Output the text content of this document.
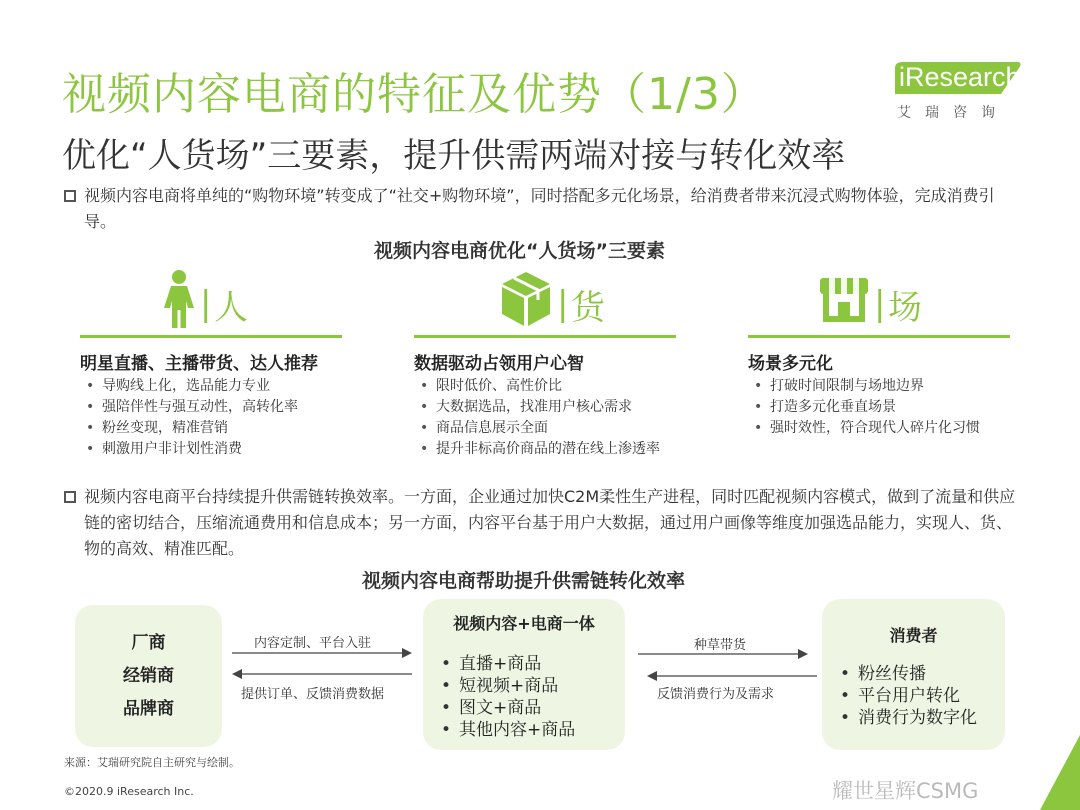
视频内容电商的特征及优势（1/3）
优化“人货场”三要素，提升供需两端对接与转化效率
iResearch
艾瑞咨询
视频内容电商将单纯的“购物环境”转变成了“社交+购物环境”，同时搭配多元化场景，给消费者带来沉浸式购物体验，完成消费引导。
视频内容电商优化“人货场”三要素
| 人
明星直播、主播带货、达人推荐
• 导购线上化，选品能力专业
• 强陪伴性与强互动性，高转化率
• 粉丝变现，精准营销
• 刺激用户非计划性消费
| 货
数据驱动占领用户心智
• 限时低价、高性价比
• 大数据选品，找准用户核心需求
• 商品信息展示全面
• 提升非标高价商品的潜在线上渗透率
| 场
场景多元化
• 打破时间限制与场地边界
• 打造多元化垂直场景
• 强时效性，符合现代人碎片化习惯
视频内容电商平台持续提升供需链转换效率。一方面，企业通过加快C2M柔性生产进程，同时匹配视频内容模式，做到了流量和供应链的密切结合，压缩流通费用和信息成本；另一方面，内容平台基于用户大数据，通过用户画像等维度加强选品能力，实现人、货、物的高效、精准匹配。
视频内容电商帮助提升供需链转化效率
厂商
经销商
品牌商
内容定制、平台入驻
提供订单、反馈消费数据
视频内容+电商一体
• 直播+商品
• 短视频+商品
• 图文+商品
• 其他内容+商品
种草带货
反馈消费行为及需求
消费者
• 粉丝传播
• 平台用户转化
• 消费行为数字化
来源：艾瑞研究院自主研究与绘制。
©2020.9 iResearch Inc.	耀世星辉CSMG
